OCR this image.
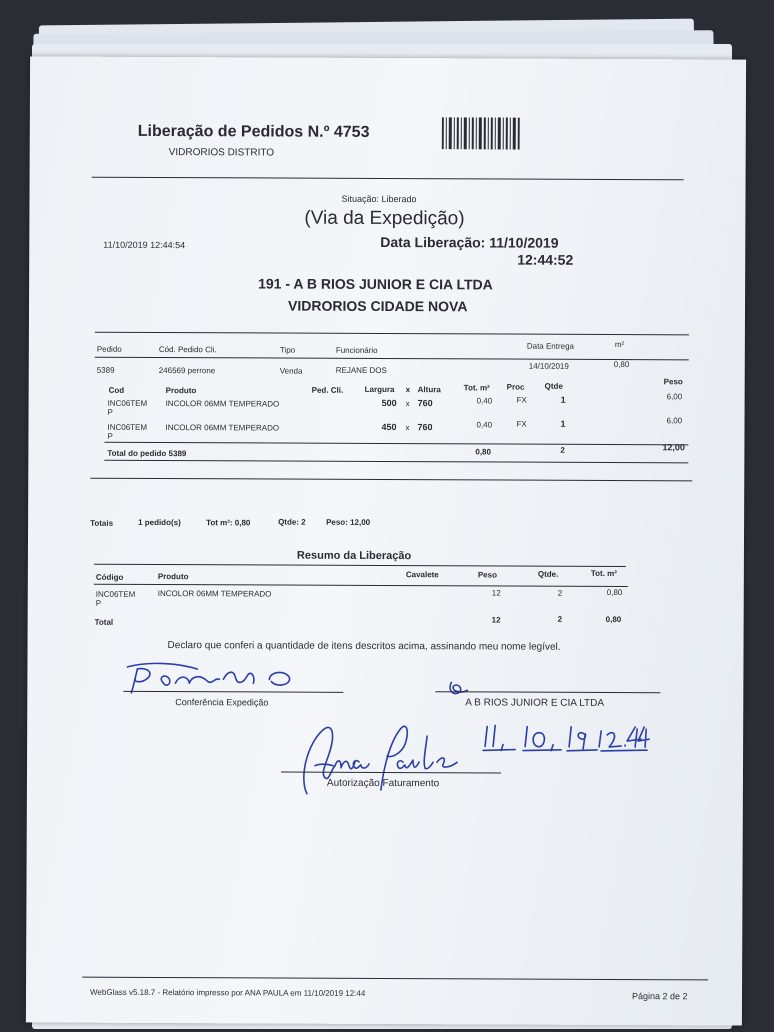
Liberação de Pedidos N.º 4753
VIDRORIOS DISTRITO
Situação: Liberado
(Via da Expedição)
11/10/2019 12:44:54	Data Liberação: 11/10/2019
12:44:52
191 - A B RIOS JUNIOR E CIA LTDA
VIDRORIOS CIDADE NOVA
Pedido	Cód. Pedido Cli.	Tipo	Funcionário	Data Entrega	m²
5389	246569 perrone	Venda	REJANE DOS	14/10/2019	0,80
Cod	Produto	Ped. Cli.	Largura x Altura	Tot. m² Proc	Qtde	Peso
INC06TEM
P
INCOLOR 06MM TEMPERADO	500 x 760	0,40	FX	1	6,00
INC06TEM
P
INCOLOR 06MM TEMPERADO	450 x 760	0,40	FX	1	6,00
Total do pedido 5389	0,80	2	12,00
Totais	1 pedido(s)	Tot m²: 0,80	Qtde: 2	Peso: 12,00
Resumo da Liberação
Código	Produto	Cavalete	Peso	Qtde.	Tot. m²
INC06TEM
P
INCOLOR 06MM TEMPERADO	12	2	0,80
Total	12	2	0,80
Declaro que conferi a quantidade de itens descritos acima, assinando meu nome legível.
Conferência Expedição	A B RIOS JUNIOR E CIA LTDA
Autorização Faturamento
WebGlass v5.18.7 - Relatório impresso por ANA PAULA em 11/10/2019 12:44	Página 2 de 2
